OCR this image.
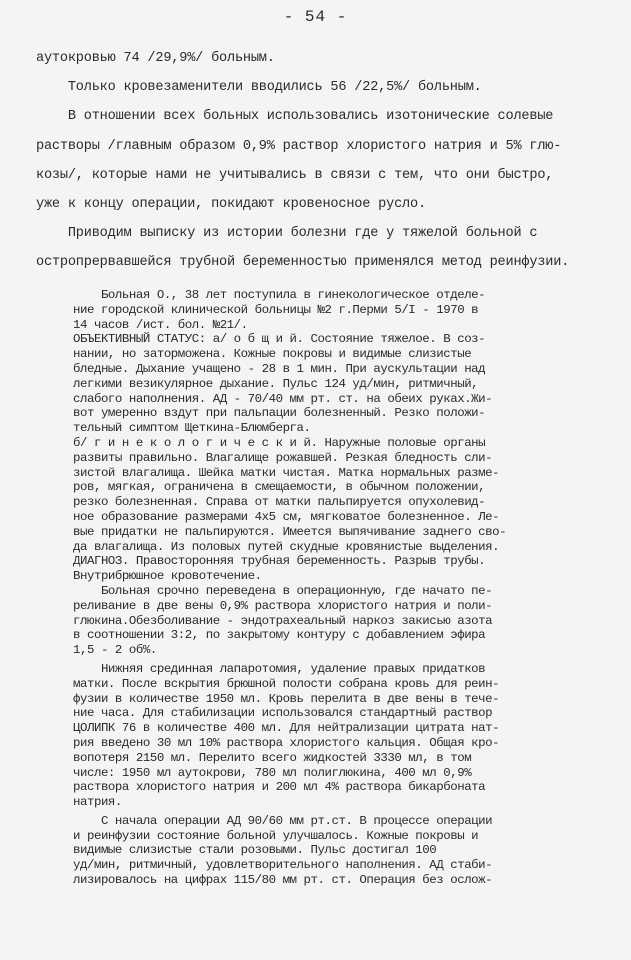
- 54 -

аутокровью 74 /29,9%/ больным.

Только кровезаменители вводились 56 /22,5%/ больным.

В отношении всех больных использовались изотонические солевые

растворы /главным образом 0,9% раствор хлористого натрия и 5% глю-

козы/, которые нами не учитывались в связи с тем, что они быстро,

уже к концу операции, покидают кровеносное русло.

Приводим выписку из истории болезни где у тяжелой больной с

остропрервавшейся трубной беременностью применялся метод реинфузии.

Больная О., 38 лет поступила в гинекологическое отделе-

ние городской клинической больницы №2 г.Перми 5/I - 1970 в

14 часов /ист. бол. №21/.

ОБЪЕКТИВНЫЙ СТАТУС: а/ о б щ и й. Состояние тяжелое. В соз-

нании, но заторможена. Кожные покровы и видимые слизистые

бледные. Дыхание учащено - 28 в 1 мин. При аускультации над

легкими везикулярное дыхание. Пульс 124 уд/мин, ритмичный,

слабого наполнения. АД - 70/40 мм рт. ст. на обеих руках.Жи-

вот умеренно вздут при пальпации болезненный. Резко положи-

тельный симптом Щеткина-Блюмберга.

б/ г и н е к о л о г и ч е с к и й. Наружные половые органы

развиты правильно. Влагалище рожавшей. Резкая бледность сли-

зистой влагалища. Шейка матки чистая. Матка нормальных разме-

ров, мягкая, ограничена в смещаемости, в обычном положении,

резко болезненная. Справа от матки пальпируется опухолевид-

ное образование размерами 4х5 см, мягковатое болезненное. Ле-

вые придатки не пальпируются. Имеется выпячивание заднего сво-

да влагалища. Из половых путей скудные кровянистые выделения.

ДИАГНОЗ. Правосторонняя трубная беременность. Разрыв трубы.

Внутрибрюшное кровотечение.

Больная срочно переведена в операционную, где начато пе-

реливание в две вены 0,9% раствора хлористого натрия и поли-

глюкина.Обезболивание - эндотрахеальный наркоз закисью азота

в соотношении 3:2, по закрытому контуру с добавлением эфира

1,5 - 2 об%.

Нижняя срединная лапаротомия, удаление правых придатков

матки. После вскрытия брюшной полости собрана кровь для реин-

фузии в количестве 1950 мл. Кровь перелита в две вены в тече-

ние часа. Для стабилизации использовался стандартный раствор

ЦОЛИПК 76 в количестве 400 мл. Для нейтрализации цитрата нат-

рия введено 30 мл 10% раствора хлористого кальция. Общая кро-

вопотеря 2150 мл. Перелито всего жидкостей 3330 мл, в том

числе: 1950 мл аутокрови, 780 мл полиглюкина, 400 мл 0,9%

раствора хлористого натрия и 200 мл 4% раствора бикарбоната

натрия.

С начала операции АД 90/60 мм рт.ст. В процессе операции

и реинфузии состояние больной улучшалось. Кожные покровы и

видимые слизистые стали розовыми. Пульс достигал 100

уд/мин, ритмичный, удовлетворительного наполнения. АД стаби-

лизировалось на цифрах 115/80 мм рт. ст. Операция без ослож-
